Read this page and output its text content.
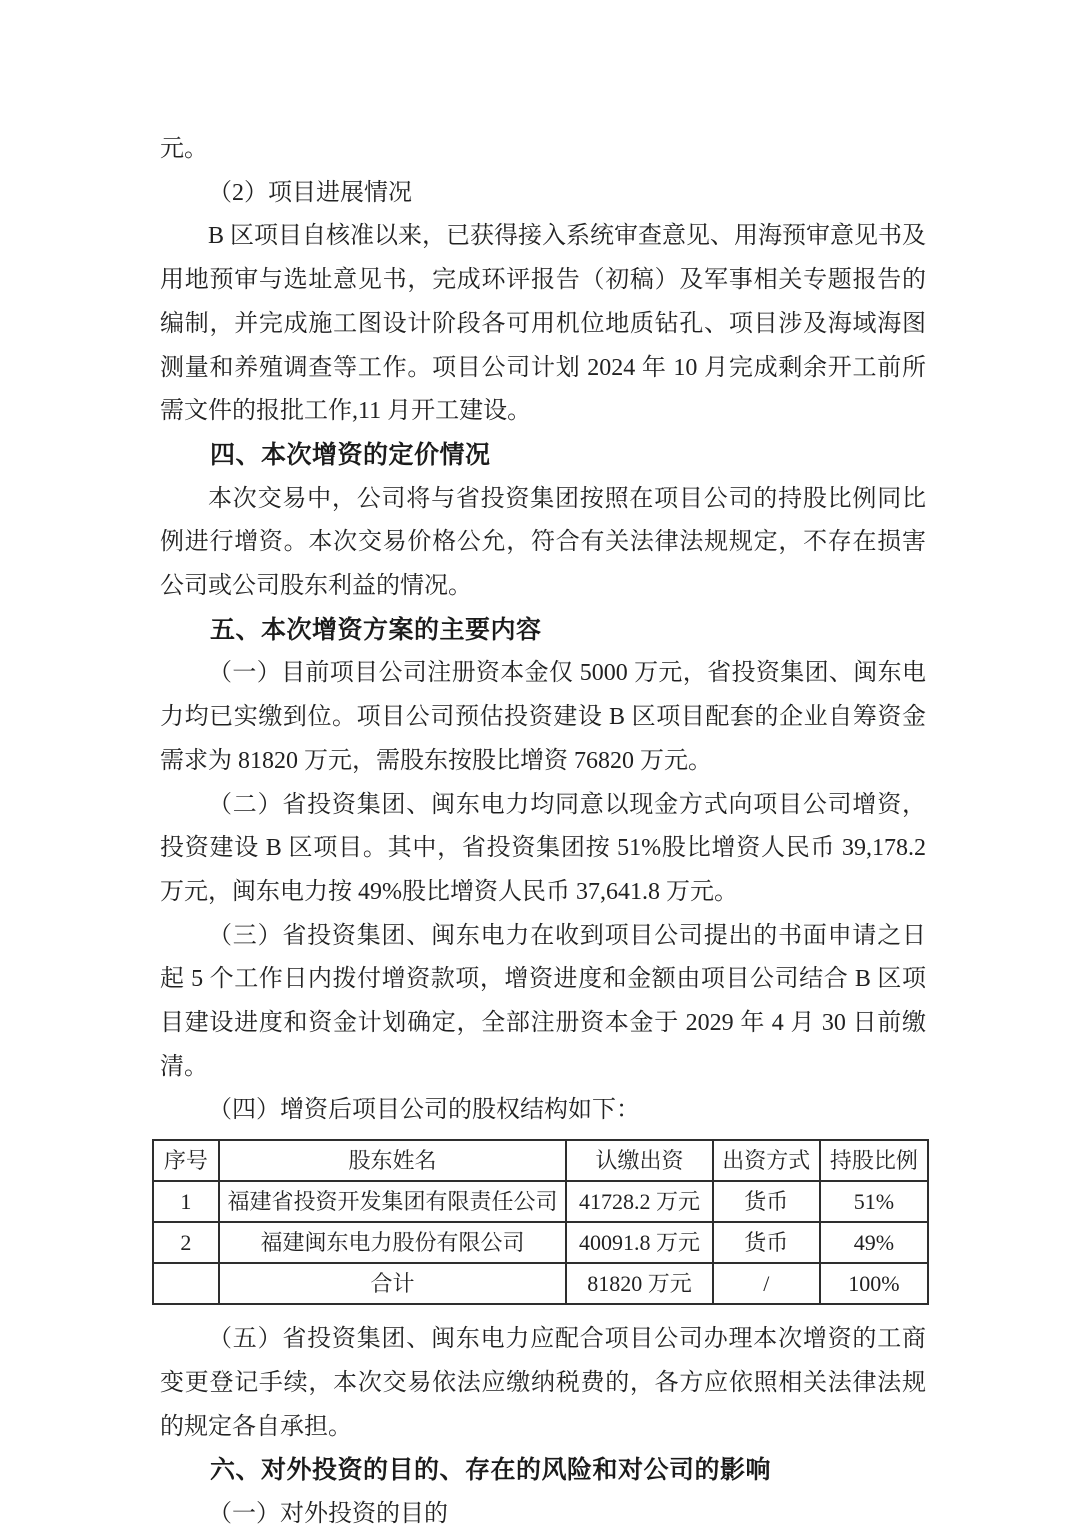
元。

（2）项目进展情况

B 区项目自核准以来，已获得接入系统审查意见、用海预审意见书及用地预审与选址意见书，完成环评报告（初稿）及军事相关专题报告的编制，并完成施工图设计阶段各可用机位地质钻孔、项目涉及海域海图测量和养殖调查等工作。项目公司计划 2024 年 10 月完成剩余开工前所需文件的报批工作,11 月开工建设。

四、本次增资的定价情况

本次交易中，公司将与省投资集团按照在项目公司的持股比例同比例进行增资。本次交易价格公允，符合有关法律法规规定，不存在损害公司或公司股东利益的情况。

五、本次增资方案的主要内容

（一）目前项目公司注册资本金仅 5000 万元，省投资集团、闽东电力均已实缴到位。项目公司预估投资建设 B 区项目配套的企业自筹资金需求为 81820 万元，需股东按股比增资 76820 万元。

（二）省投资集团、闽东电力均同意以现金方式向项目公司增资，投资建设 B 区项目。其中，省投资集团按 51%股比增资人民币 39,178.2 万元，闽东电力按 49%股比增资人民币 37,641.8 万元。

（三）省投资集团、闽东电力在收到项目公司提出的书面申请之日起 5 个工作日内拨付增资款项，增资进度和金额由项目公司结合 B 区项目建设进度和资金计划确定，全部注册资本金于 2029 年 4 月 30 日前缴清。

（四）增资后项目公司的股权结构如下：

序号	股东姓名	认缴出资	出资方式	持股比例
1	福建省投资开发集团有限责任公司	41728.2 万元	货币	51%
2	福建闽东电力股份有限公司	40091.8 万元	货币	49%
	合计	81820 万元	/	100%

（五）省投资集团、闽东电力应配合项目公司办理本次增资的工商变更登记手续，本次交易依法应缴纳税费的，各方应依照相关法律法规的规定各自承担。

六、对外投资的目的、存在的风险和对公司的影响

（一）对外投资的目的
